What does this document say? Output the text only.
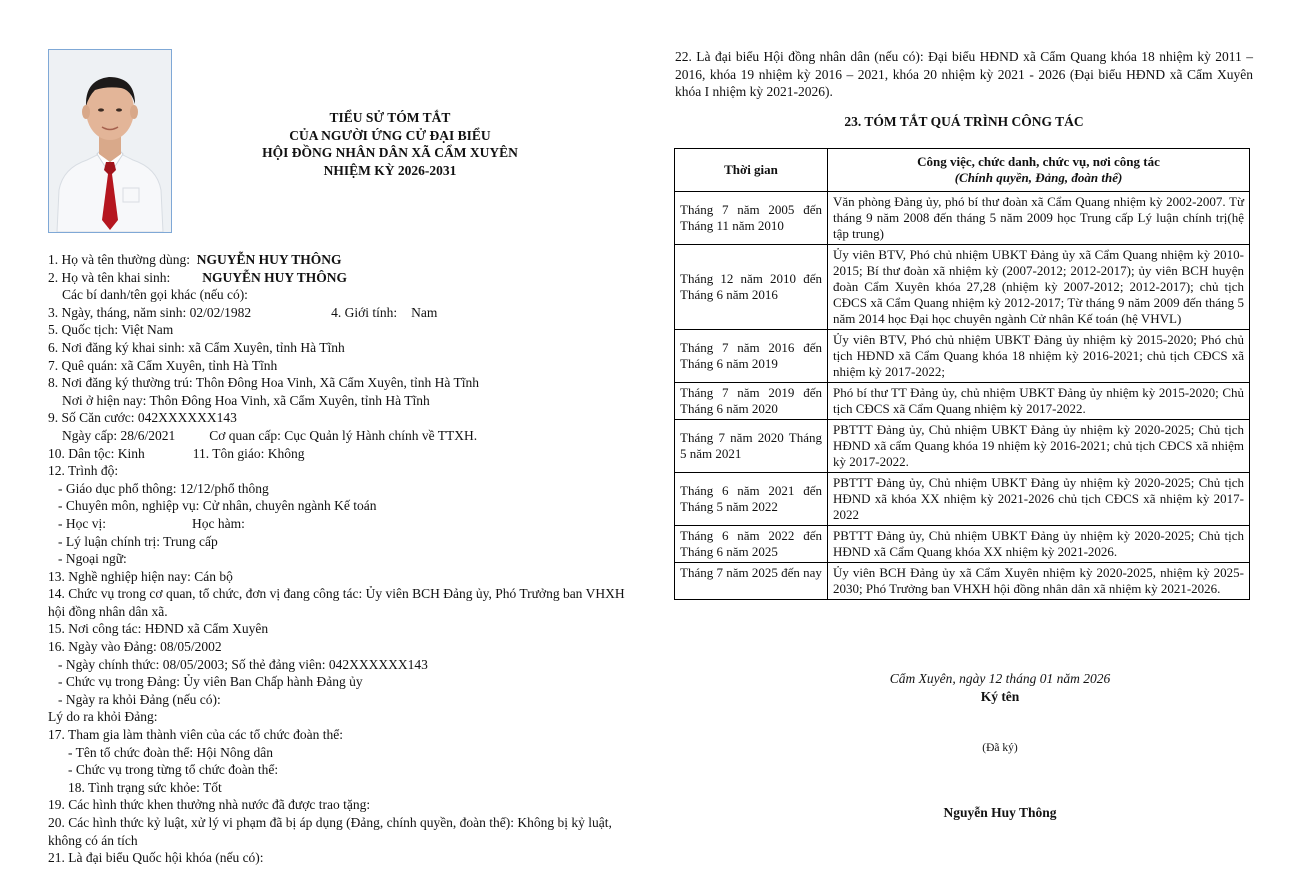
TIỂU SỬ TÓM TẮT
CỦA NGƯỜI ỨNG CỬ ĐẠI BIỂU
HỘI ĐỒNG NHÂN DÂN XÃ CẨM XUYÊN
NHIỆM KỲ 2026-2031
1. Họ và tên thường dùng: NGUYỄN HUY THÔNG
2. Họ và tên khai sinh: NGUYỄN HUY THÔNG
Các bí danh/tên gọi khác (nếu có):
3. Ngày, tháng, năm sinh: 02/02/1982	4. Giới tính: Nam
5. Quốc tịch: Việt Nam
6. Nơi đăng ký khai sinh: xã Cẩm Xuyên, tỉnh Hà Tĩnh
7. Quê quán: xã Cẩm Xuyên, tỉnh Hà Tĩnh
8. Nơi đăng ký thường trú: Thôn Đông Hoa Vinh, Xã Cẩm Xuyên, tỉnh Hà Tĩnh
Nơi ở hiện nay: Thôn Đông Hoa Vinh, xã Cẩm Xuyên, tỉnh Hà Tĩnh
9. Số Căn cước: 042XXXXXX143
Ngày cấp: 28/6/2021	Cơ quan cấp: Cục Quản lý Hành chính về TTXH.
10. Dân tộc: Kinh	11. Tôn giáo: Không
12. Trình độ:
- Giáo dục phổ thông: 12/12/phổ thông
- Chuyên môn, nghiệp vụ: Cử nhân, chuyên ngành Kế toán
- Học vị:	Học hàm:
- Lý luận chính trị: Trung cấp
- Ngoại ngữ:
13. Nghề nghiệp hiện nay: Cán bộ
14. Chức vụ trong cơ quan, tổ chức, đơn vị đang công tác: Ủy viên BCH Đảng ủy, Phó Trưởng ban VHXH hội đồng nhân dân xã.
15. Nơi công tác: HĐND xã Cẩm Xuyên
16. Ngày vào Đảng: 08/05/2002
- Ngày chính thức: 08/05/2003; Số thẻ đảng viên: 042XXXXXX143
- Chức vụ trong Đảng: Ủy viên Ban Chấp hành Đảng ủy
- Ngày ra khỏi Đảng (nếu có):
Lý do ra khỏi Đảng:
17. Tham gia làm thành viên của các tổ chức đoàn thể:
- Tên tổ chức đoàn thể: Hội Nông dân
- Chức vụ trong từng tổ chức đoàn thể:
18. Tình trạng sức khỏe: Tốt
19. Các hình thức khen thưởng nhà nước đã được trao tặng:
20. Các hình thức kỷ luật, xử lý vi phạm đã bị áp dụng (Đảng, chính quyền, đoàn thể): Không bị kỷ luật, không có án tích
21. Là đại biểu Quốc hội khóa (nếu có):
22. Là đại biểu Hội đồng nhân dân (nếu có): Đại biểu HĐND xã Cẩm Quang khóa 18 nhiệm kỳ 2011 – 2016, khóa 19 nhiệm kỳ 2016 – 2021, khóa 20 nhiệm kỳ 2021 - 2026 (Đại biểu HĐND xã Cẩm Xuyên khóa I nhiệm kỳ 2021-2026).
23. TÓM TẮT QUÁ TRÌNH CÔNG TÁC
Thời gian	Công việc, chức danh, chức vụ, nơi công tác
(Chính quyền, Đảng, đoàn thể)

Tháng 7 năm 2005 đến Tháng 11 năm 2010	Văn phòng Đảng ủy, phó bí thư đoàn xã Cẩm Quang nhiệm kỳ 2002-2007. Từ tháng 9 năm 2008 đến tháng 5 năm 2009 học Trung cấp Lý luận chính trị(hệ tập trung)
Tháng 12 năm 2010 đến Tháng 6 năm 2016	Ủy viên BTV, Phó chủ nhiệm UBKT Đảng ủy xã Cẩm Quang nhiệm kỳ 2010-2015; Bí thư đoàn xã nhiệm kỳ (2007-2012; 2012-2017); ủy viên BCH huyện đoàn Cẩm Xuyên khóa 27,28 (nhiệm kỳ 2007-2012; 2012-2017); chủ tịch CĐCS xã Cẩm Quang nhiệm kỳ 2012-2017; Từ tháng 9 năm 2009 đến tháng 5 năm 2014 học Đại học chuyên ngành Cử nhân Kế toán (hệ VHVL)
Tháng 7 năm 2016 đến Tháng 6 năm 2019	Ủy viên BTV, Phó chủ nhiệm UBKT Đảng ủy nhiệm kỳ 2015-2020; Phó chủ tịch HĐND xã Cẩm Quang khóa 18 nhiệm kỳ 2016-2021; chủ tịch CĐCS xã nhiệm kỳ 2017-2022;
Tháng 7 năm 2019 đến Tháng 6 năm 2020	Phó bí thư TT Đảng ủy, chủ nhiệm UBKT Đảng ủy nhiệm kỳ 2015-2020; Chủ tịch CĐCS xã Cẩm Quang nhiệm kỳ 2017-2022.
Tháng 7 năm 2020 Tháng 5 năm 2021	PBTTT Đảng ủy, Chủ nhiệm UBKT Đảng ủy nhiệm kỳ 2020-2025; Chủ tịch HĐND xã cẩm Quang khóa 19 nhiệm kỳ 2016-2021; chủ tịch CĐCS xã nhiệm kỳ 2017-2022.
Tháng 6 năm 2021 đến Tháng 5 năm 2022	PBTTT Đảng ủy, Chủ nhiệm UBKT Đảng ủy nhiệm kỳ 2020-2025; Chủ tịch HĐND xã khóa XX nhiệm kỳ 2021-2026 chủ tịch CĐCS xã nhiệm kỳ 2017-2022
Tháng 6 năm 2022 đến Tháng 6 năm 2025	PBTTT Đảng ủy, Chủ nhiệm UBKT Đảng ủy nhiệm kỳ 2020-2025; Chủ tịch HĐND xã Cẩm Quang khóa XX nhiệm kỳ 2021-2026.
Tháng 7 năm 2025 đến nay	Ủy viên BCH Đảng ủy xã Cẩm Xuyên nhiệm kỳ 2020-2025, nhiệm kỳ 2025-2030; Phó Trưởng ban VHXH hội đồng nhân dân xã nhiệm kỳ 2021-2026.
Cẩm Xuyên, ngày 12 tháng 01 năm 2026
Ký tên
(Đã ký)
Nguyễn Huy Thông
